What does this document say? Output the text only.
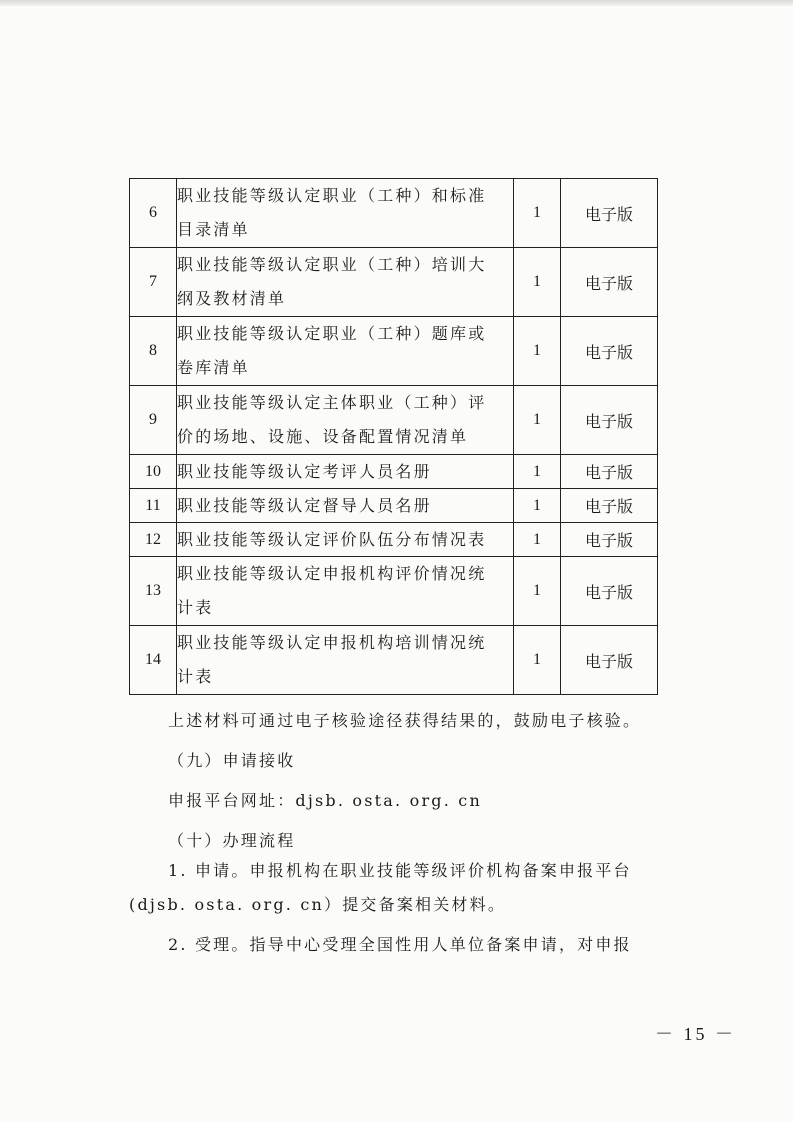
6	职业技能等级认定职业（工种）和标准
目录清单	1	电子版
7	职业技能等级认定职业（工种）培训大
纲及教材清单	1	电子版
8	职业技能等级认定职业（工种）题库或
卷库清单	1	电子版
9	职业技能等级认定主体职业（工种）评
价的场地、设施、设备配置情况清单	1	电子版
10	职业技能等级认定考评人员名册	1	电子版
11	职业技能等级认定督导人员名册	1	电子版
12	职业技能等级认定评价队伍分布情况表	1	电子版
13	职业技能等级认定申报机构评价情况统
计表	1	电子版
14	职业技能等级认定申报机构培训情况统
计表	1	电子版
上述材料可通过电子核验途径获得结果的，鼓励电子核验。
（九）申请接收
申报平台网址：djsb. osta. org. cn
（十）办理流程
1. 申请。申报机构在职业技能等级评价机构备案申报平台
(djsb. osta. org. cn）提交备案相关材料。
2. 受理。指导中心受理全国性用人单位备案申请，对申报
－ 15 －
